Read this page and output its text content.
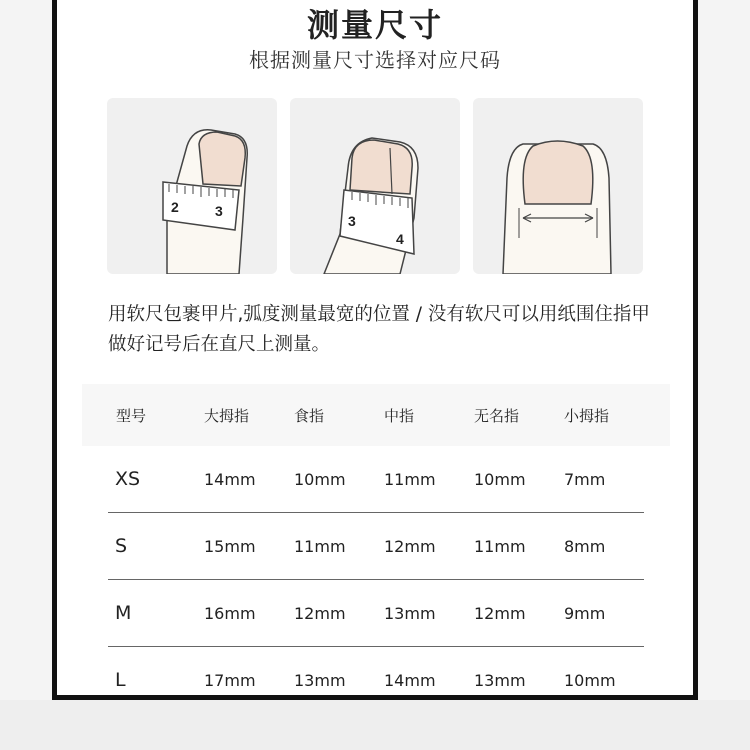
测量尺寸
根据测量尺寸选择对应尺码
2	3
3
4
用软尺包裹甲片,弧度测量最宽的位置 / 没有软尺可以用纸围住指甲做好记号后在直尺上测量。
型号	大拇指	食指	中指	无名指	小拇指
XS	14mm 10mm 11mm 10mm 7mm
S	15mm 11mm 12mm 11mm 8mm
M	16mm 12mm 13mm 12mm 9mm
L	17mm 13mm 14mm 13mm 10mm
